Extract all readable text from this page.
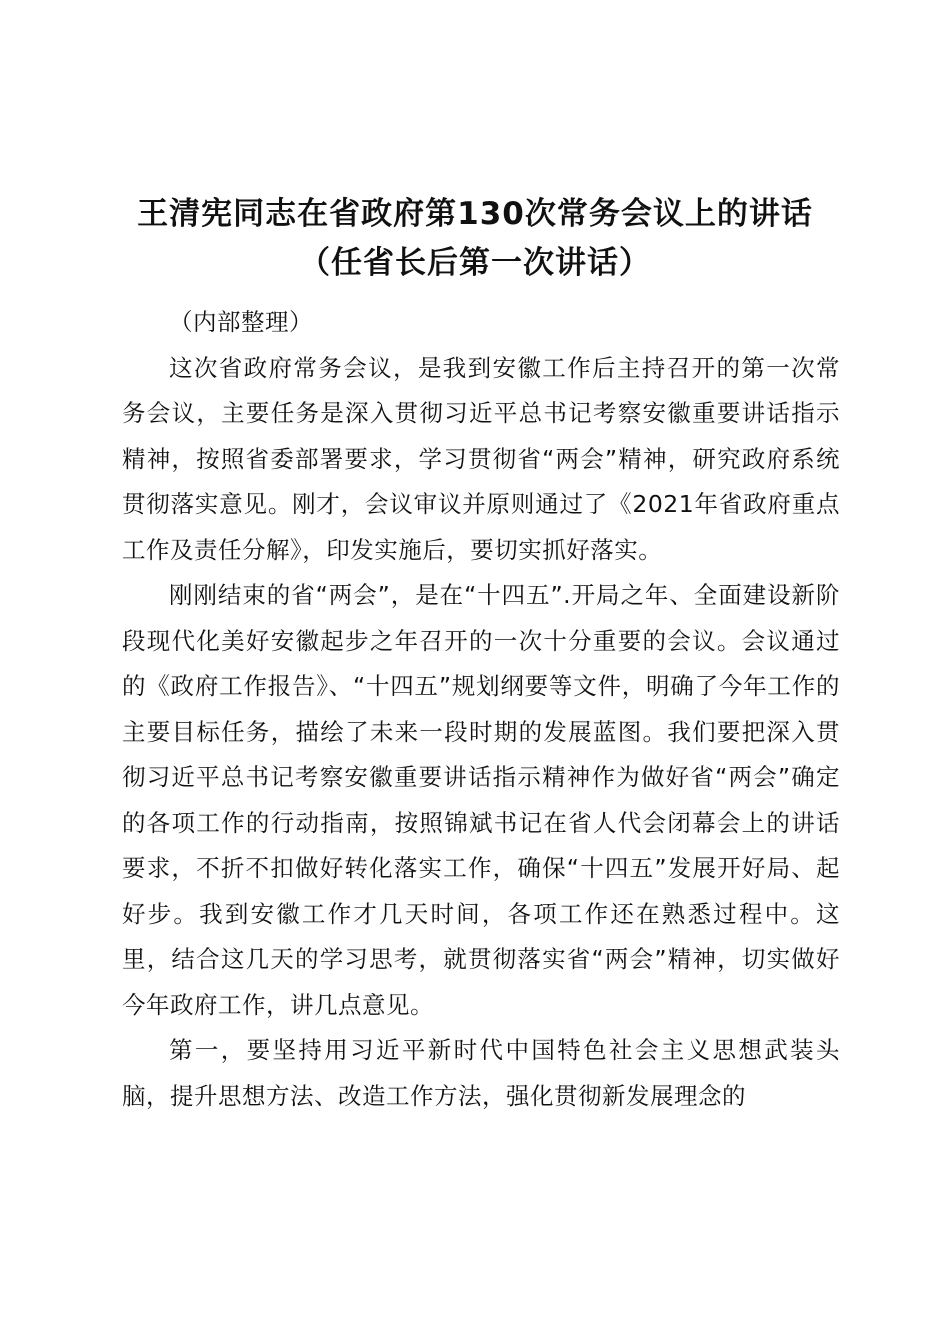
王清宪同志在省政府第130次常务会议上的讲话（任省长后第一次讲话）

（内部整理）

这次省政府常务会议，是我到安徽工作后主持召开的第一次常务会议，主要任务是深入贯彻习近平总书记考察安徽重要讲话指示精神，按照省委部署要求，学习贯彻省“两会”精神，研究政府系统贯彻落实意见。刚才，会议审议并原则通过了《2021年省政府重点工作及责任分解》，印发实施后，要切实抓好落实。

刚刚结束的省“两会”，是在“十四五”.开局之年、全面建设新阶段现代化美好安徽起步之年召开的一次十分重要的会议。会议通过的《政府工作报告》、“十四五”规划纲要等文件，明确了今年工作的主要目标任务，描绘了未来一段时期的发展蓝图。我们要把深入贯彻习近平总书记考察安徽重要讲话指示精神作为做好省“两会”确定的各项工作的行动指南，按照锦斌书记在省人代会闭幕会上的讲话要求，不折不扣做好转化落实工作，确保“十四五”发展开好局、起好步。我到安徽工作才几天时间，各项工作还在熟悉过程中。这里，结合这几天的学习思考，就贯彻落实省“两会”精神，切实做好今年政府工作，讲几点意见。

第一，要坚持用习近平新时代中国特色社会主义思想武装头脑，提升思想方法、改造工作方法，强化贯彻新发展理念的
